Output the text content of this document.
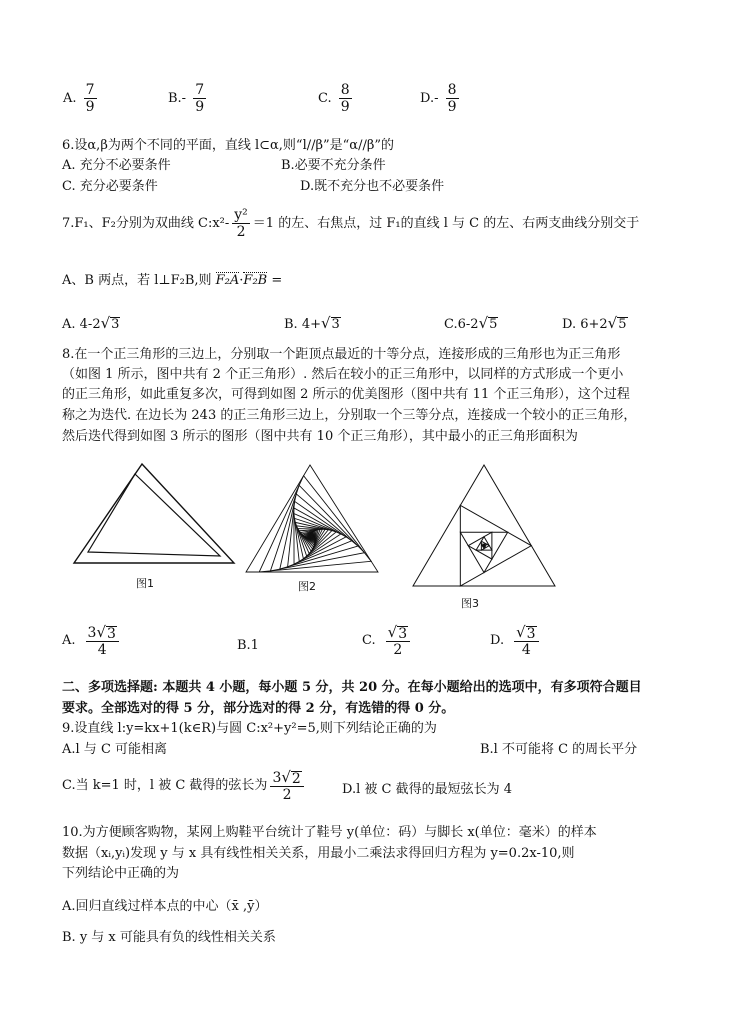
A. $\frac{7}{9}$	$B.- \frac{7}{9}$	C. $\frac{8}{9}$	$D.- \frac{8}{9}$
6.设α,β为两个不同的平面，直线 l⊂α,则“l//β”是“α//β”的
A. 充分不必要条件	B.必要不充分条件
C. 充分必要条件	D.既不充分也不必要条件
7.F₁、F₂分别为双曲线 C:x²- $\frac{\text{y²}}{2} =1$ 的左、右焦点，过 F₁的直线 l 与 C 的左、右两支曲线分别交于
A、B 两点，若 l⊥F₂B,则 F₂A·F₂B =
A. 4-2 √ 3	B. 4+ √ 3	C.6-2 √ 5	D. 6+2 √ 5
8.在一个正三角形的三边上，分别取一个距顶点最近的十等分点，连接形成的三角形也为正三角形
（如图 1 所示，图中共有 2 个正三角形）. 然后在较小的正三角形中，以同样的方式形成一个更小
的正三角形，如此重复多次，可得到如图 2 所示的优美图形（图中共有 11 个正三角形），这个过程
称之为迭代. 在边长为 243 的正三角形三边上，分别取一个三等分点，连接成一个较小的正三角形，
然后迭代得到如图 3 所示的图形（图中共有 10 个正三角形），其中最小的正三角形面积为
图1	图2
图3
A. $\frac{3 √ 3}{4}$	B.1	C. $\frac{√ 3}{2}$	D. $\frac{√ 3}{4}$
二、多项选择题: 本题共 4 小题，每小题 5 分，共 20 分。在每小题给出的选项中，有多项符合题目
要求。全部选对的得 5 分，部分选对的得 2 分，有选错的得 0 分。
9.设直线 l:y=kx+1(k∈R)与圆 C:x²+y²=5,则下列结论正确的为
A.l 与 C 可能相离	B.l 不可能将 C 的周长平分
C.当 k=1 时，l 被 C 截得的弦长为 $\frac{3 √ 2}{2}$	D.l 被 C 截得的最短弦长为 4
10.为方便顾客购物，某网上购鞋平台统计了鞋号 y(单位：码）与脚长 x(单位：毫米）的样本
数据（xᵢ,yᵢ)发现 y 与 x 具有线性相关关系，用最小二乘法求得回归方程为 y=0.2x-10,则
下列结论中正确的为
A.回归直线过样本点的中心（x̄ ,ȳ）
B. y 与 x 可能具有负的线性相关关系
